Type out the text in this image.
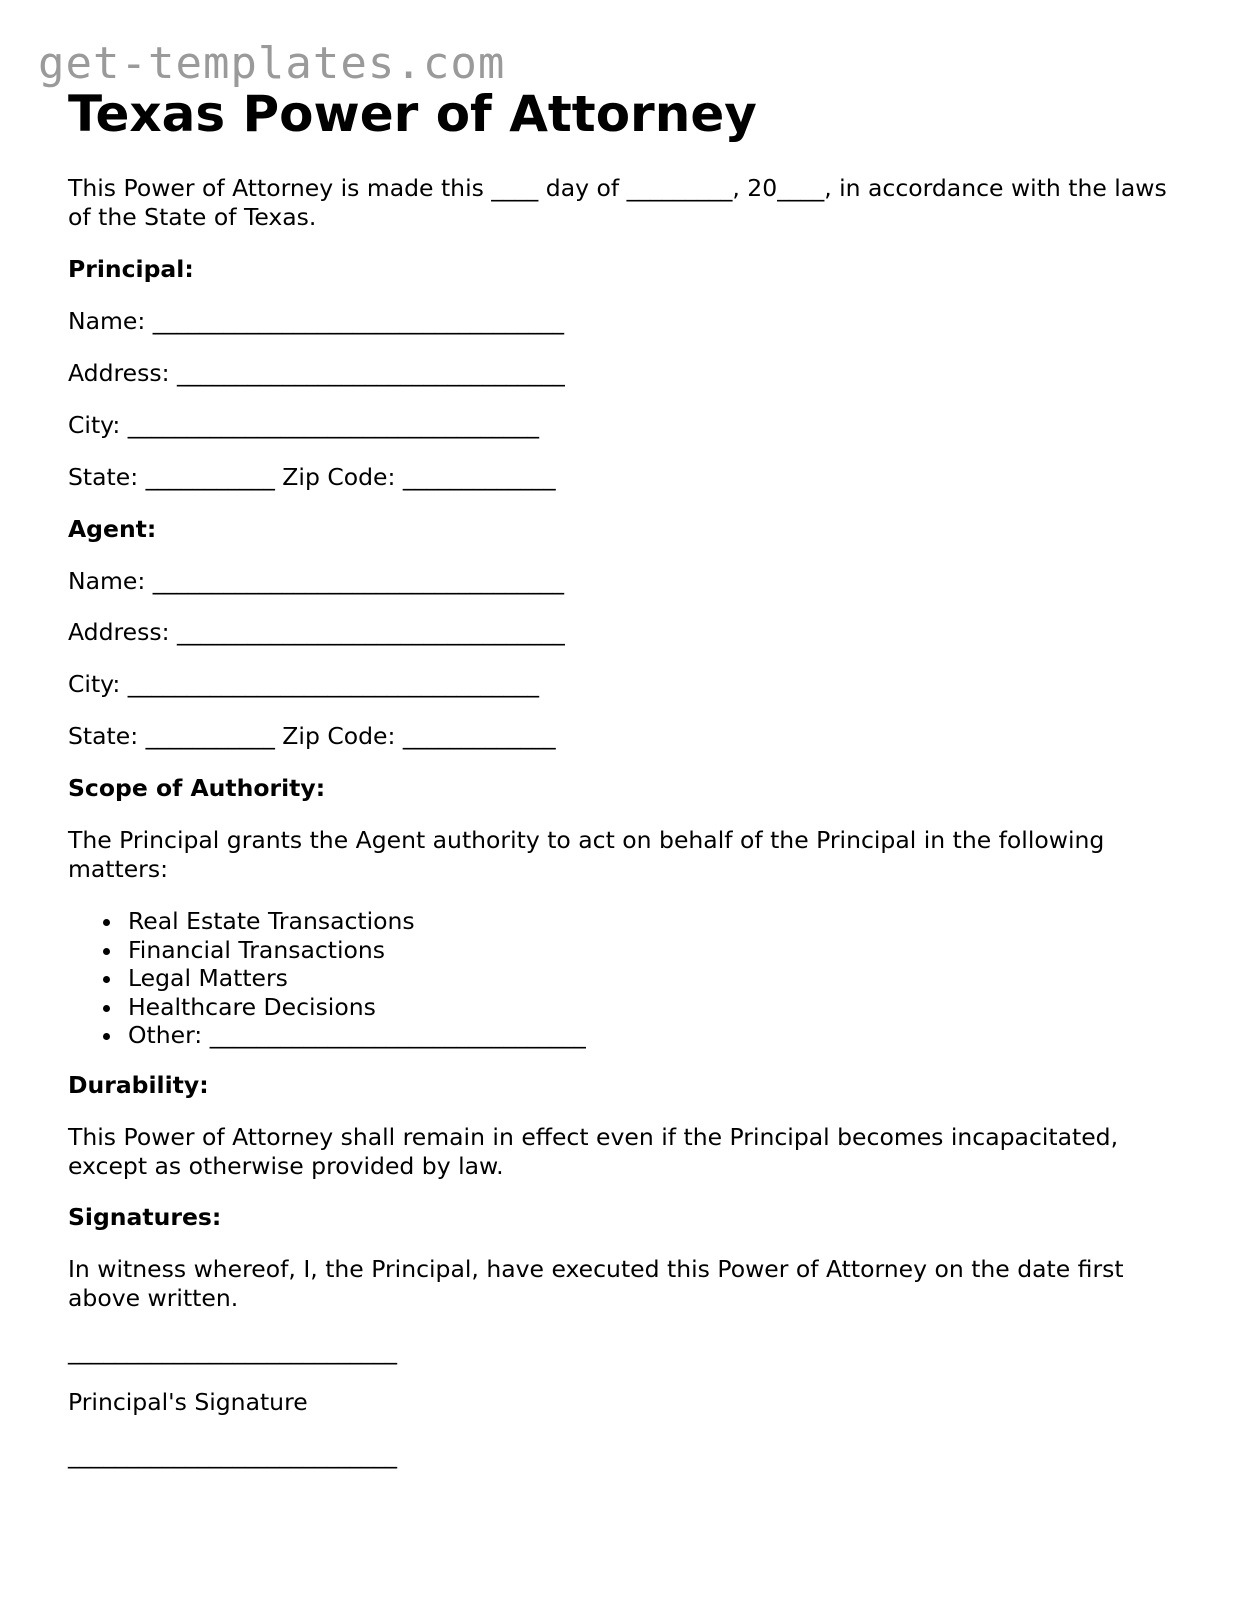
get-templates.com
Texas Power of Attorney
This Power of Attorney is made this ____ day of _________, 20____, in accordance with the laws of the State of Texas.
Principal:
Name: ___________________________________
Address: _________________________________
City: ___________________________________
State: ___________ Zip Code: _____________
Agent:
Name: ___________________________________
Address: _________________________________
City: ___________________________________
State: ___________ Zip Code: _____________
Scope of Authority:
The Principal grants the Agent authority to act on behalf of the Principal in the following matters:
Real Estate Transactions
Financial Transactions
Legal Matters
Healthcare Decisions
Other: ________________________________
Durability:
This Power of Attorney shall remain in effect even if the Principal becomes incapacitated, except as otherwise provided by law.
Signatures:
In witness whereof, I, the Principal, have executed this Power of Attorney on the date first above written.
____________________________
Principal's Signature
____________________________
